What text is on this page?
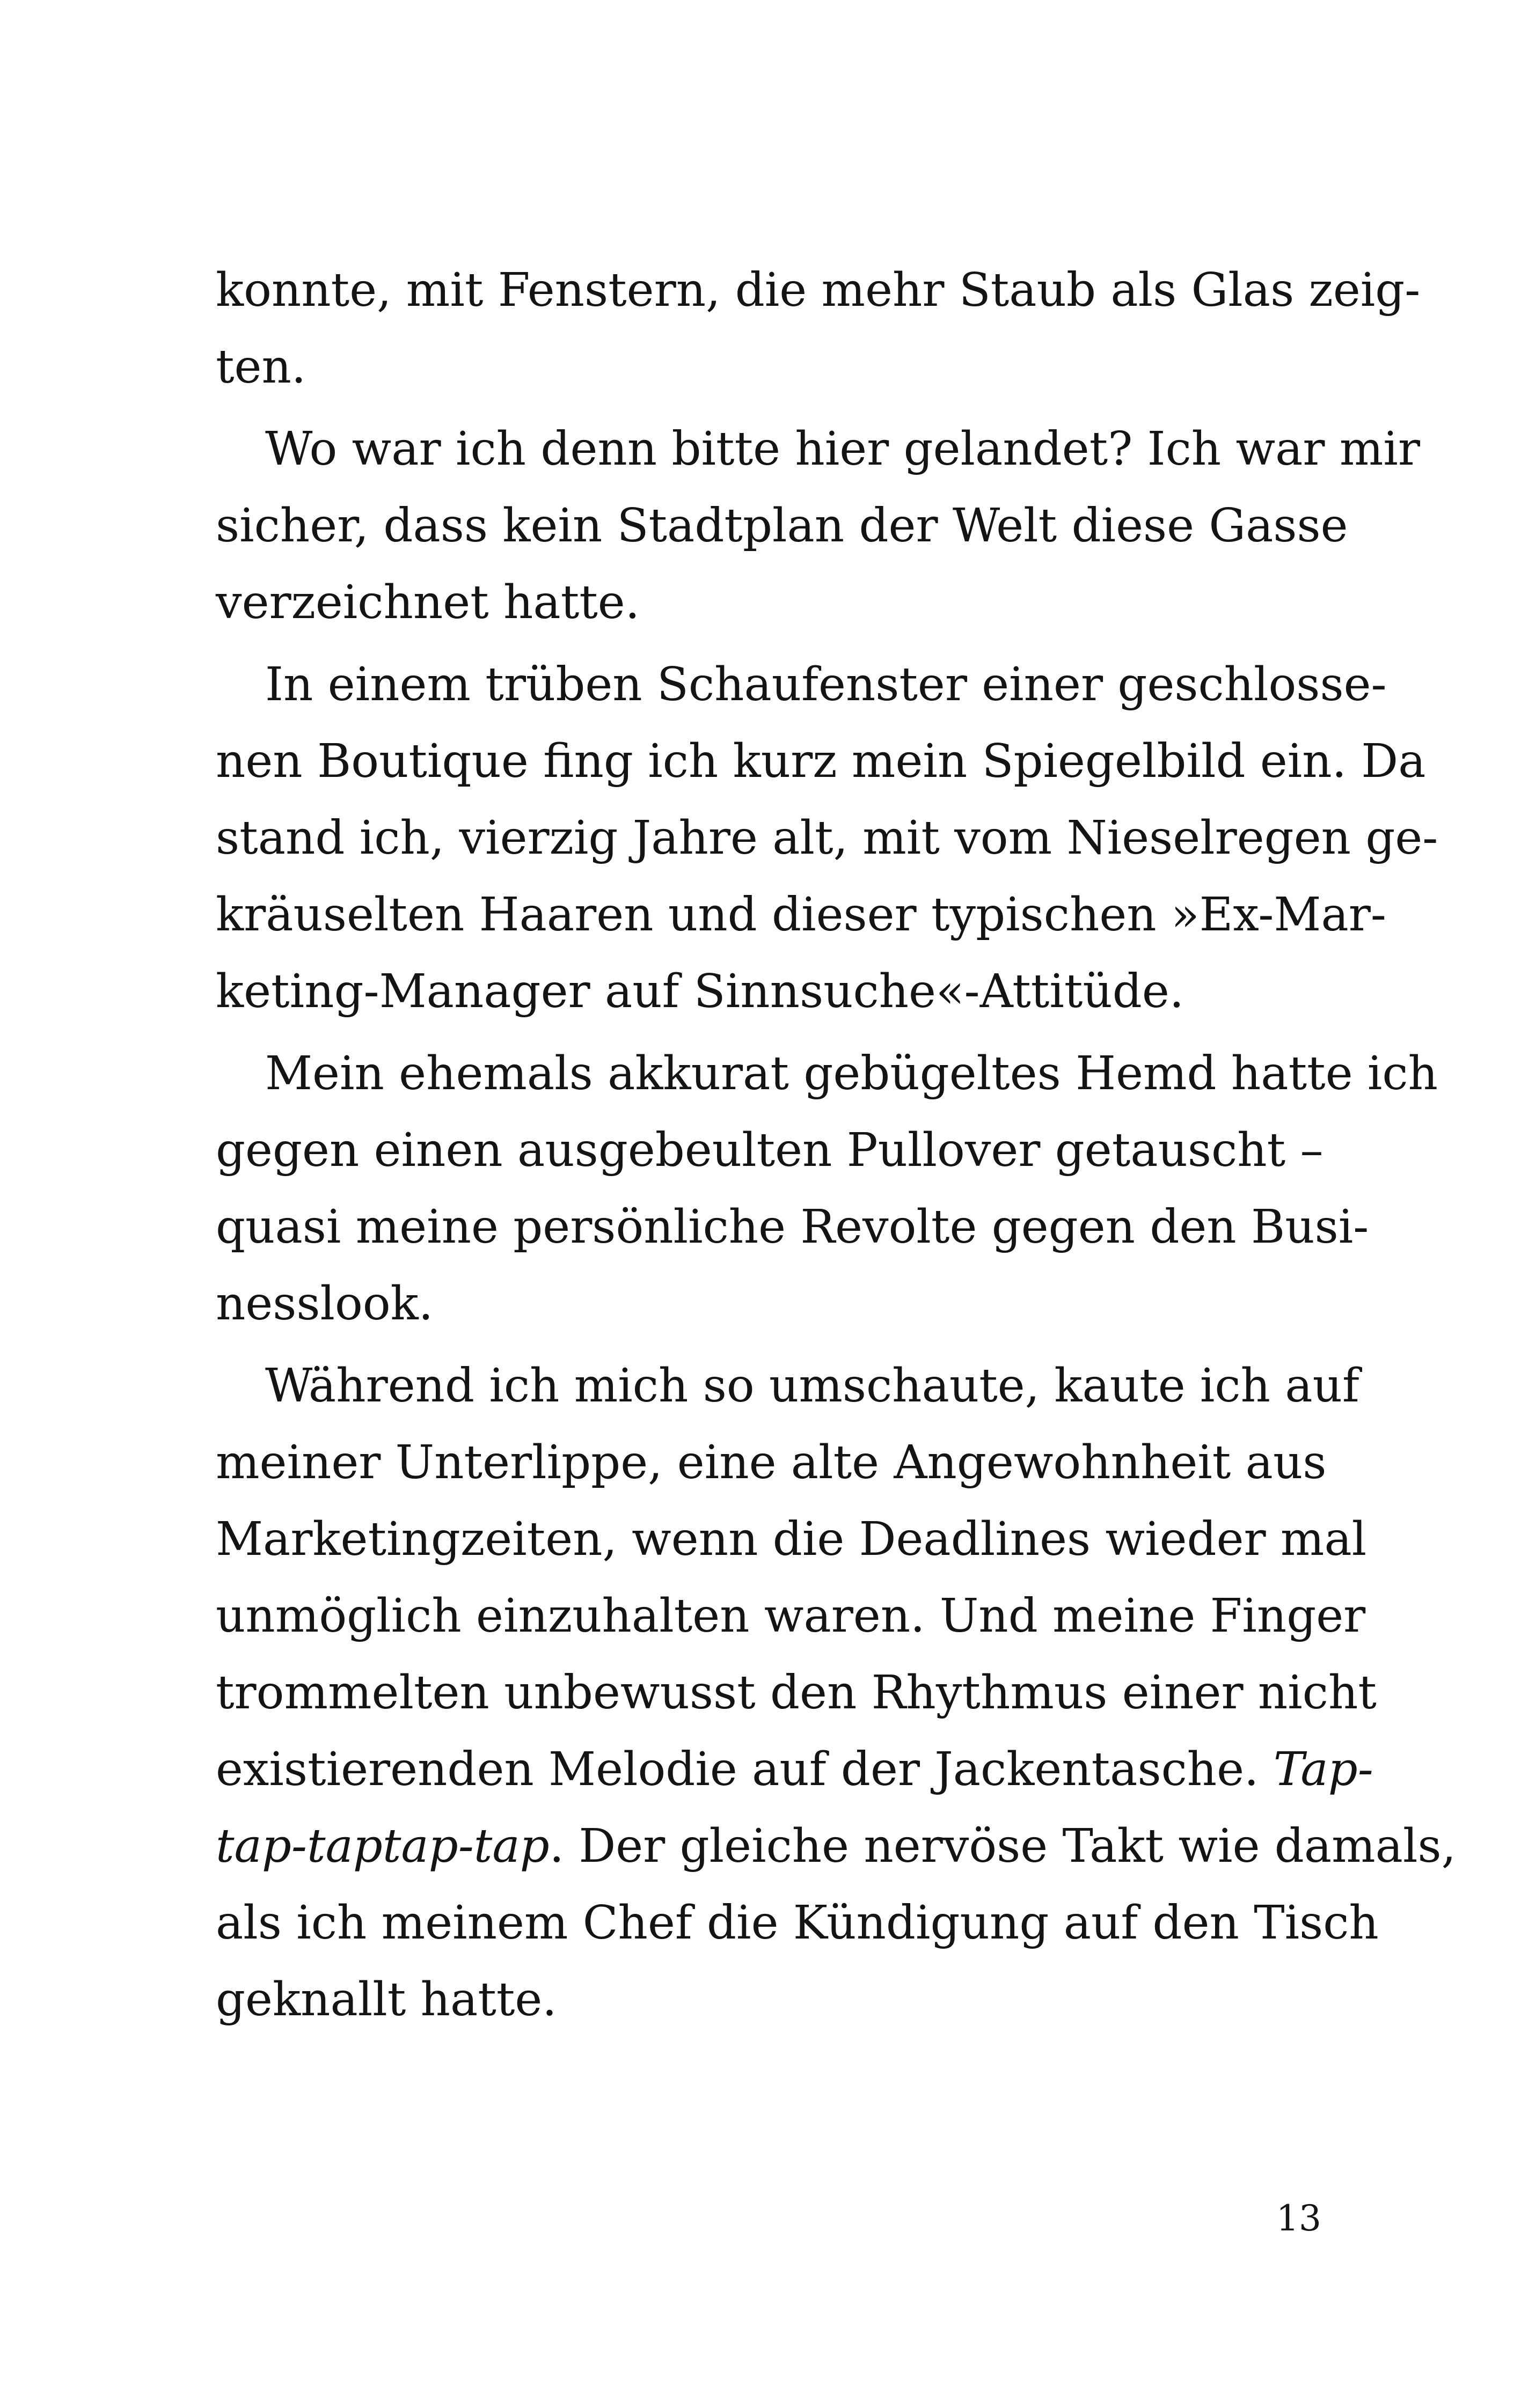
konnte, mit Fenstern, die mehr Staub als Glas zeig-
ten.
Wo war ich denn bitte hier gelandet? Ich war mir
sicher, dass kein Stadtplan der Welt diese Gasse
verzeichnet hatte.
In einem trüben Schaufenster einer geschlosse-
nen Boutique fing ich kurz mein Spiegelbild ein. Da
stand ich, vierzig Jahre alt, mit vom Nieselregen ge-
kräuselten Haaren und dieser typischen »Ex-Mar-
keting-Manager auf Sinnsuche«-Attitüde.
Mein ehemals akkurat gebügeltes Hemd hatte ich
gegen einen ausgebeulten Pullover getauscht –
quasi meine persönliche Revolte gegen den Busi-
nesslook.
Während ich mich so umschaute, kaute ich auf
meiner Unterlippe, eine alte Angewohnheit aus
Marketingzeiten, wenn die Deadlines wieder mal
unmöglich einzuhalten waren. Und meine Finger
trommelten unbewusst den Rhythmus einer nicht
existierenden Melodie auf der Jackentasche. Tap-
tap-taptap-tap. Der gleiche nervöse Takt wie damals,
als ich meinem Chef die Kündigung auf den Tisch
geknallt hatte.
13
